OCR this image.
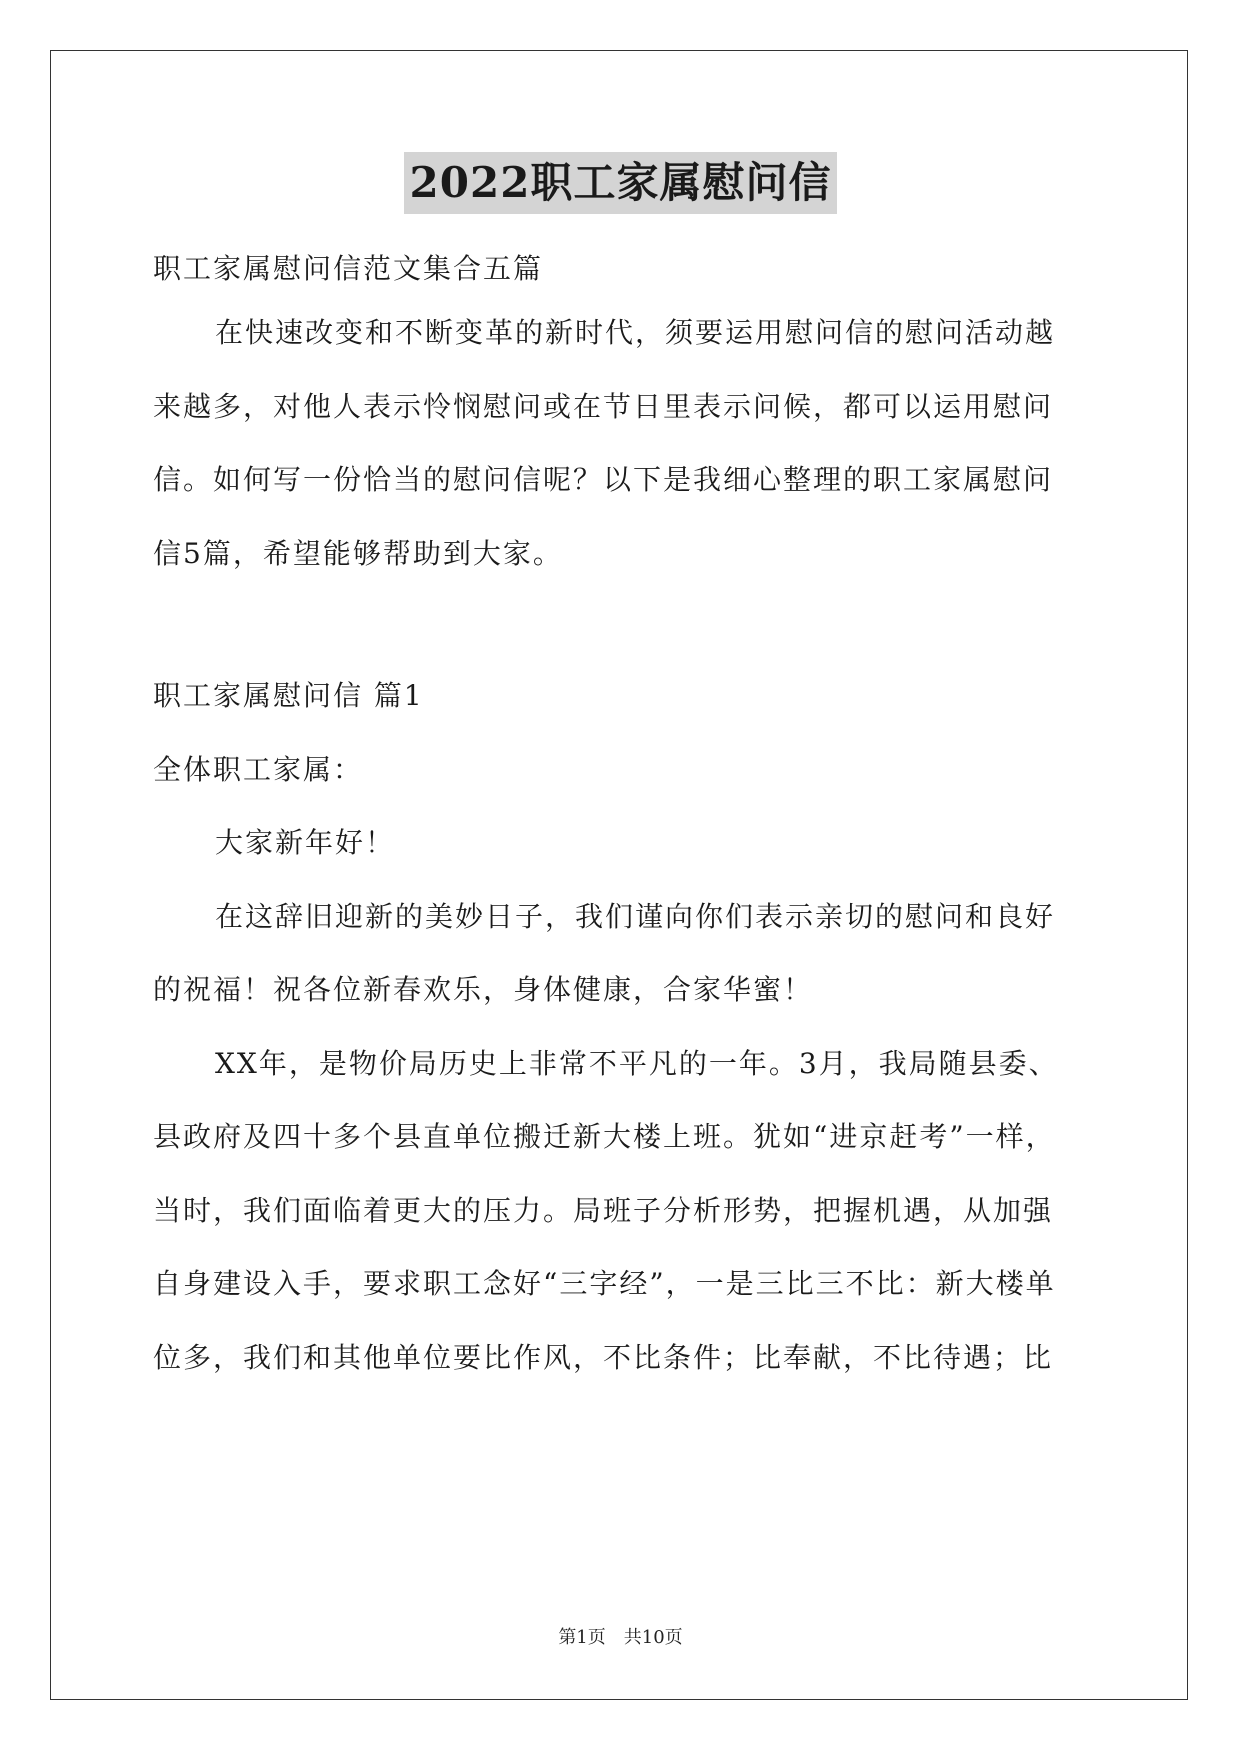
2022职工家属慰问信

职工家属慰问信范文集合五篇

在快速改变和不断变革的新时代，须要运用慰问信的慰问活动越

来越多，对他人表示怜悯慰问或在节日里表示问候，都可以运用慰问

信。如何写一份恰当的慰问信呢？以下是我细心整理的职工家属慰问

信5篇，希望能够帮助到大家。

职工家属慰问信 篇1

全体职工家属：

大家新年好！

在这辞旧迎新的美妙日子，我们谨向你们表示亲切的慰问和良好

的祝福！祝各位新春欢乐，身体健康，合家华蜜！

XX年，是物价局历史上非常不平凡的一年。3月，我局随县委、

县政府及四十多个县直单位搬迁新大楼上班。犹如“进京赶考”一样，

当时，我们面临着更大的压力。局班子分析形势，把握机遇，从加强

自身建设入手，要求职工念好“三字经”，一是三比三不比：新大楼单

位多，我们和其他单位要比作风，不比条件；比奉献，不比待遇；比

第1页　共10页
